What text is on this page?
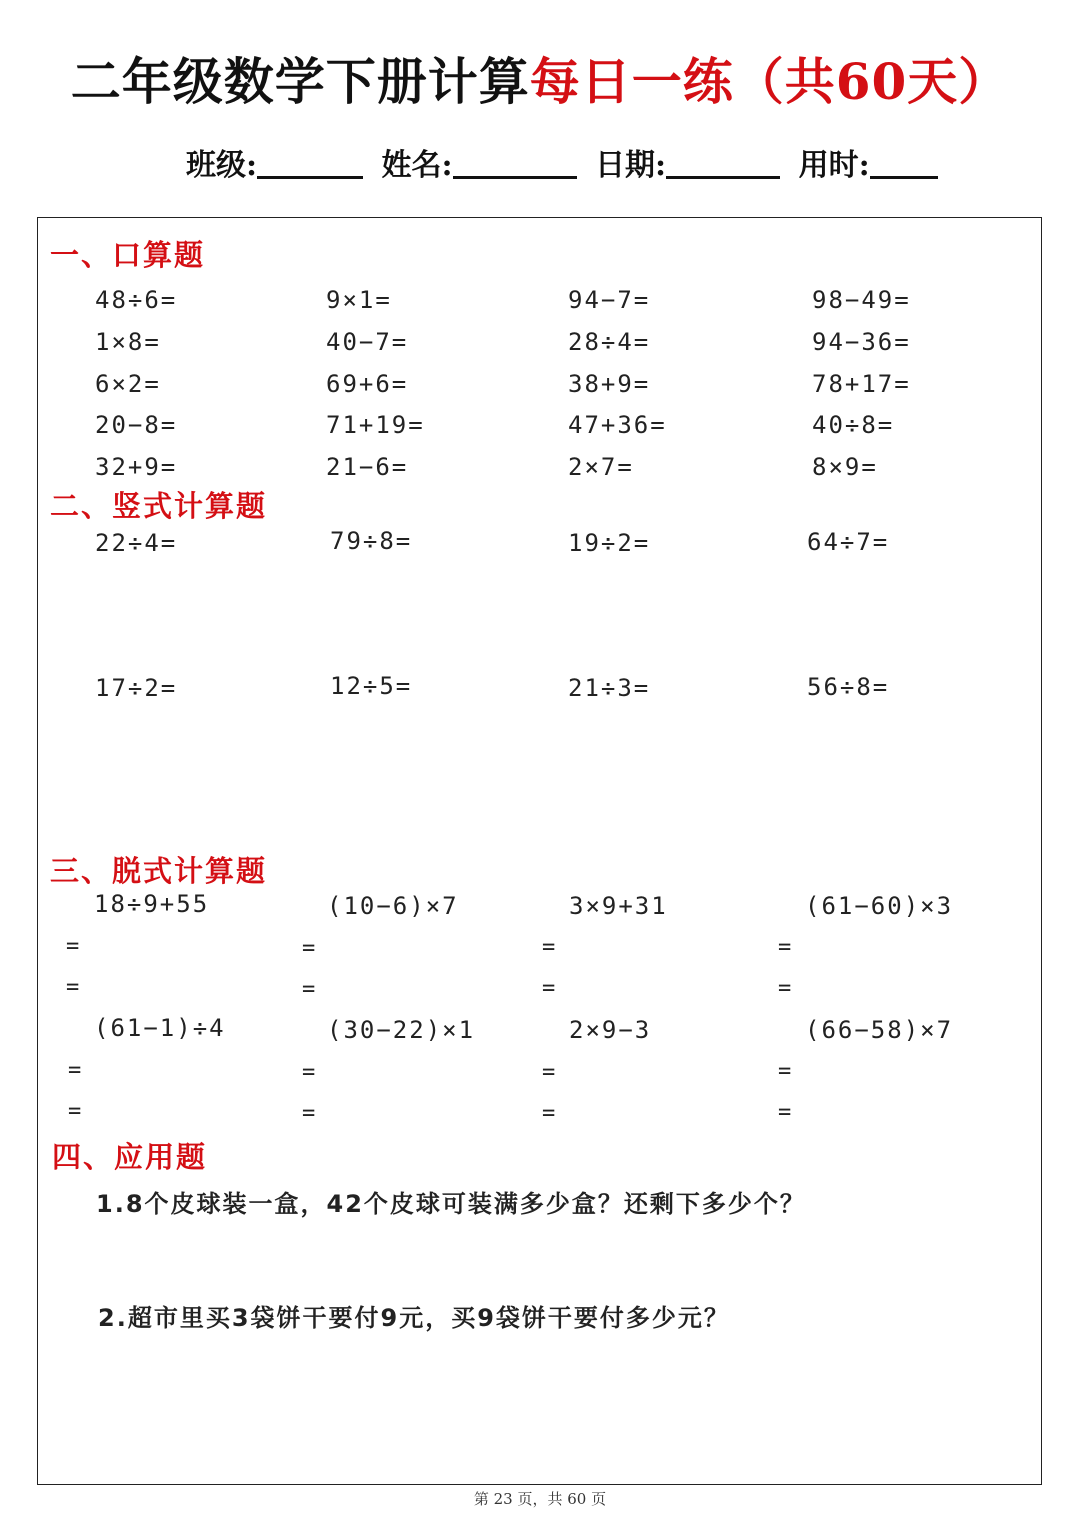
二年级数学下册计算每日一练（共60天）
班级:	姓名:	日期:	用时:
一、口算题
48÷6=	9×1=	94−7=	98−49=
1×8=	40−7=	28÷4=	94−36=
6×2=	69+6=	38+9=	78+17=
20−8=	71+19=	47+36=	40÷8=
32+9=	21−6=	2×7=	8×9=
二、竖式计算题
22÷4=	79÷8=	19÷2=	64÷7=
17÷2=	12÷5=	21÷3=	56÷8=
三、脱式计算题
18÷9+55	(10−6)×7	3×9+31	(61−60)×3
=	=	=	=
=	=	=	=
(61−1)÷4	(30−22)×1	2×9−3	(66−58)×7
=	=	=	=
=	=	=	=
四、应用题
1.8个皮球装一盒，42个皮球可装满多少盒？还剩下多少个？
2.超市里买3袋饼干要付9元，买9袋饼干要付多少元？
第 23 页，共 60 页
